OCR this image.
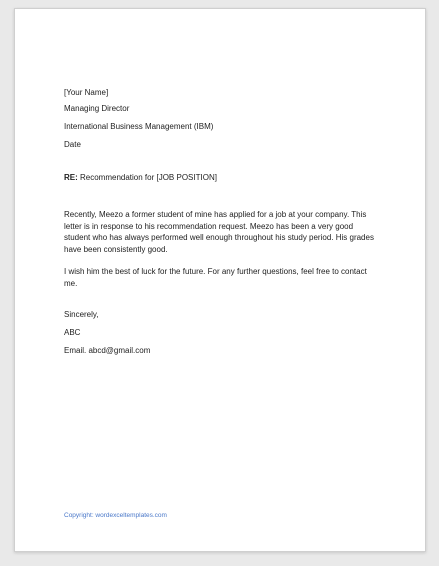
[Your Name]
Managing Director
International Business Management (IBM)
Date
RE: Recommendation for [JOB POSITION]
Recently, Meezo a former student of mine has applied for a job at your company. This
letter is in response to his recommendation request. Meezo has been a very good
student who has always performed well enough throughout his study period. His grades
have been consistently good.
I wish him the best of luck for the future. For any further questions, feel free to contact
me.
Sincerely,
ABC
Email. abcd@gmail.com
Copyright: wordexceltemplates.com
